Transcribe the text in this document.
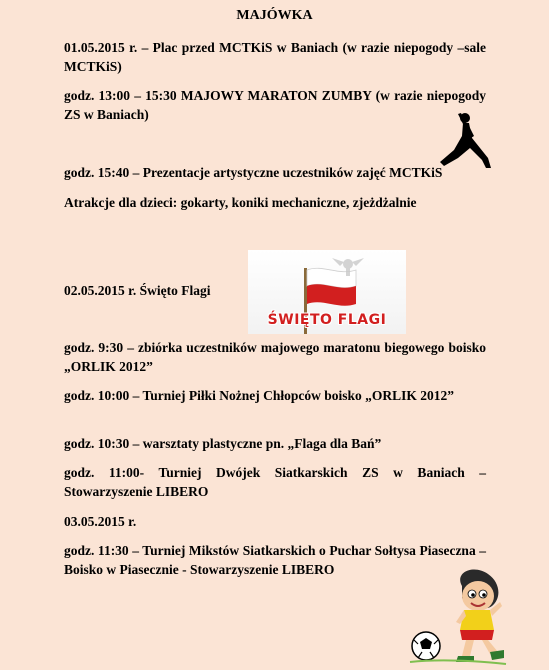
MAJÓWKA
01.05.2015 r. – Plac przed MCTKiS w Baniach (w razie niepogody –sale MCTKiS)
godz. 13:00 – 15:30 MAJOWY MARATON ZUMBY (w razie niepogody ZS w Baniach)
godz. 15:40 – Prezentacje artystyczne uczestników zajęć MCTKiS
Atrakcje dla dzieci: gokarty, koniki mechaniczne, zjeżdżalnie
02.05.2015 r. Święto Flagi
godz. 9:30 – zbiórka uczestników majowego maratonu biegowego boisko „ORLIK 2012”
godz. 10:00 – Turniej Piłki Nożnej Chłopców boisko „ORLIK 2012”
godz. 10:30 – warsztaty plastyczne pn. „Flaga dla Bań”
godz. 11:00- Turniej Dwójek Siatkarskich ZS w Baniach – Stowarzyszenie LIBERO
03.05.2015 r.
godz. 11:30 – Turniej Mikstów Siatkarskich o Puchar Sołtysa Piaseczna – Boisko w Piasecznie - Stowarzyszenie LIBERO
ŚWIĘTO FLAGI
